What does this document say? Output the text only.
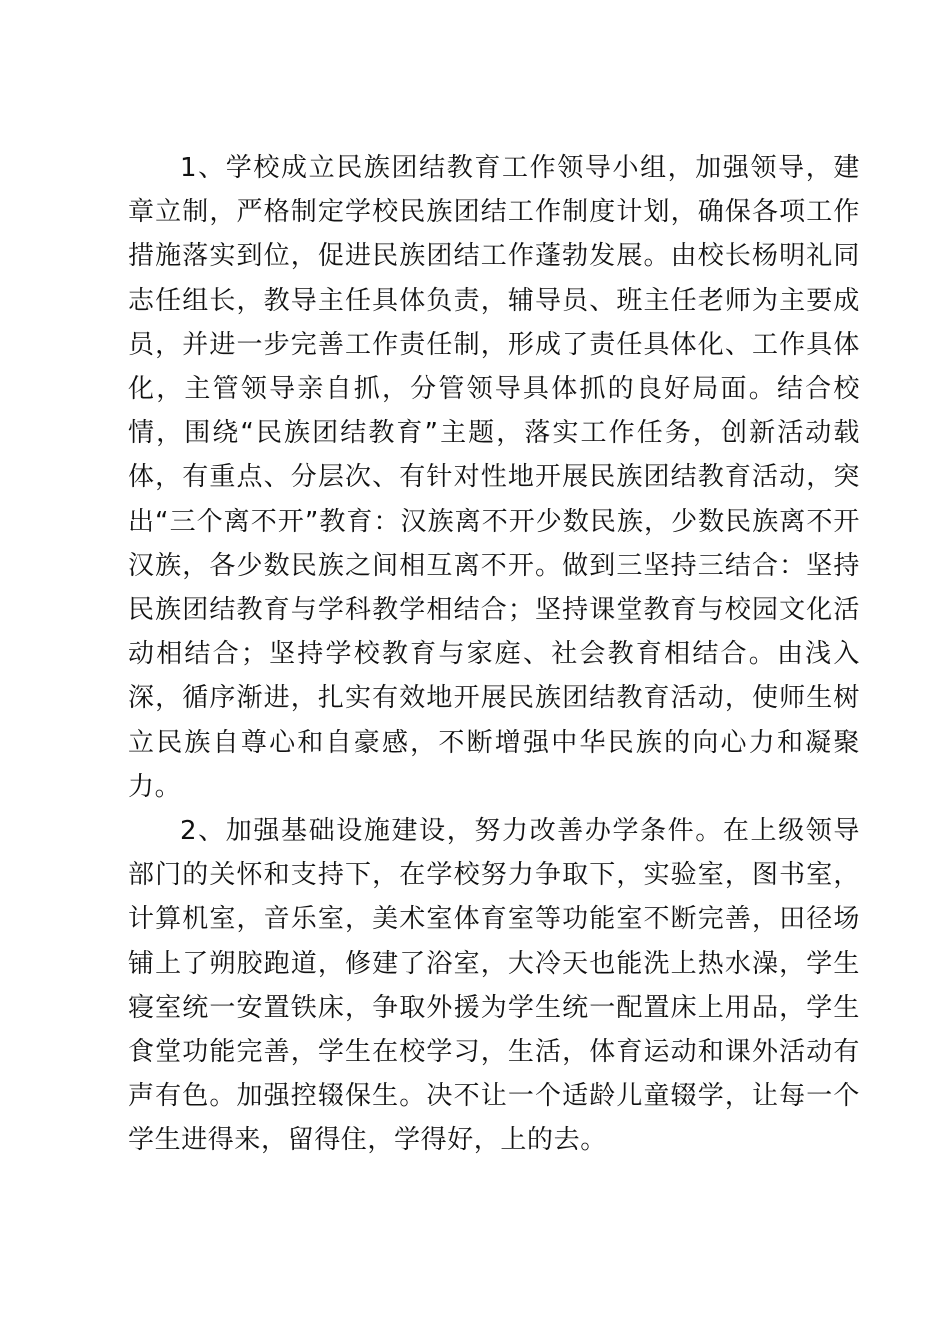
1、学校成立民族团结教育工作领导小组，加强领导，建章立制，严格制定学校民族团结工作制度计划，确保各项工作措施落实到位，促进民族团结工作蓬勃发展。由校长杨明礼同志任组长，教导主任具体负责，辅导员、班主任老师为主要成员，并进一步完善工作责任制，形成了责任具体化、工作具体化，主管领导亲自抓，分管领导具体抓的良好局面。结合校情，围绕“民族团结教育”主题，落实工作任务，创新活动载体，有重点、分层次、有针对性地开展民族团结教育活动，突出“三个离不开”教育：汉族离不开少数民族，少数民族离不开汉族，各少数民族之间相互离不开。做到三坚持三结合：坚持民族团结教育与学科教学相结合；坚持课堂教育与校园文化活动相结合；坚持学校教育与家庭、社会教育相结合。由浅入深，循序渐进，扎实有效地开展民族团结教育活动，使师生树立民族自尊心和自豪感，不断增强中华民族的向心力和凝聚力。

2、加强基础设施建设，努力改善办学条件。在上级领导部门的关怀和支持下，在学校努力争取下，实验室，图书室，计算机室，音乐室，美术室体育室等功能室不断完善，田径场铺上了朔胶跑道，修建了浴室，大冷天也能洗上热水澡，学生寝室统一安置铁床，争取外援为学生统一配置床上用品，学生食堂功能完善，学生在校学习，生活，体育运动和课外活动有声有色。加强控辍保生。决不让一个适龄儿童辍学，让每一个学生进得来，留得住，学得好，上的去。
